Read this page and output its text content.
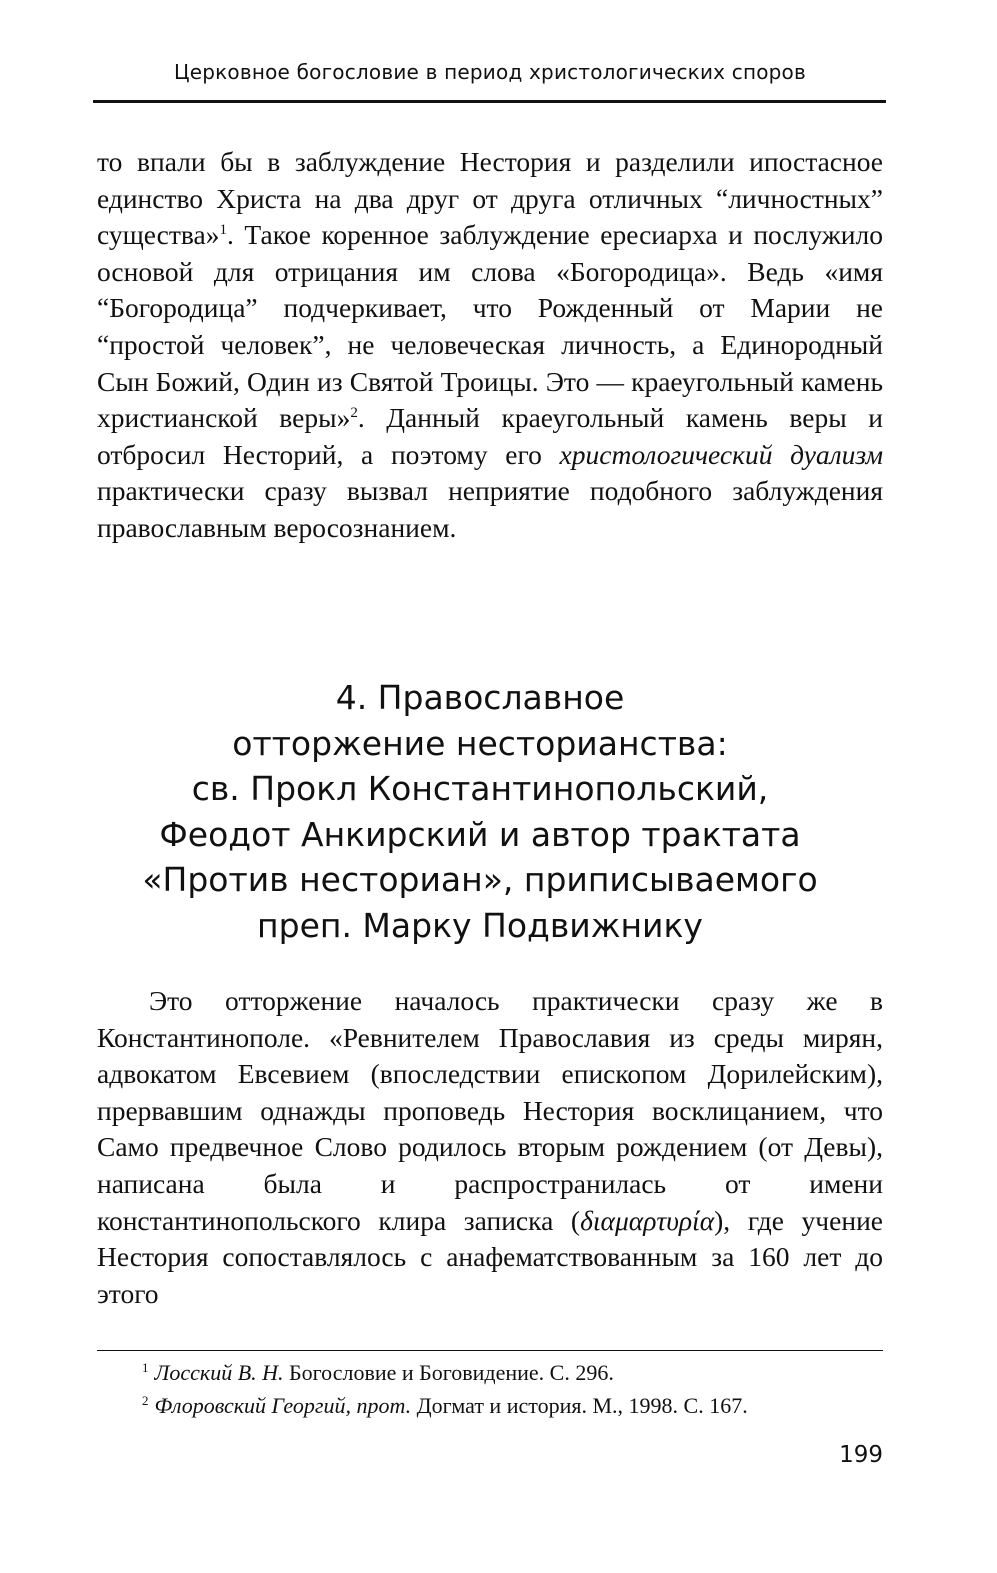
Церковное богословие в период христологических споров

то впали бы в заблуждение Нестория и разделили ипостасное единство Христа на два друг от друга отличных “личностных” существа»$^1$. Такое коренное заблуждение ересиарха и послужило основой для отрицания им слова «Богородица». Ведь «имя “Богородица” подчеркивает, что Рожденный от Марии не “простой человек”, не человеческая личность, а Единородный Сын Божий, Один из Святой Троицы. Это — краеугольный камень христианской веры»$^2$. Данный краеугольный камень веры и отбросил Несторий, а поэтому его христологический дуализм практически сразу вызвал неприятие подобного заблуждения православным веросознанием.

4. Православное
отторжение несторианства:
св. Прокл Константинопольский,
Феодот Анкирский и автор трактата
«Против несториан», приписываемого
преп. Марку Подвижнику

Это отторжение началось практически сразу же в Константинополе. «Ревнителем Православия из среды мирян, адвокатом Евсевием (впоследствии епископом Дорилейским), прервавшим однажды проповедь Нестория восклицанием, что Само предвечное Слово родилось вторым рождением (от Девы), написана была и распространилась от имени константинопольского клира записка (διαμαρτυρία), где учение Нестория сопоставлялось с анафематствованным за 160 лет до этого

$^1$ Лосский В. Н. Богословие и Боговидение. С. 296.
$^2$ Флоровский Георгий, прот. Догмат и история. М., 1998. С. 167.
199
